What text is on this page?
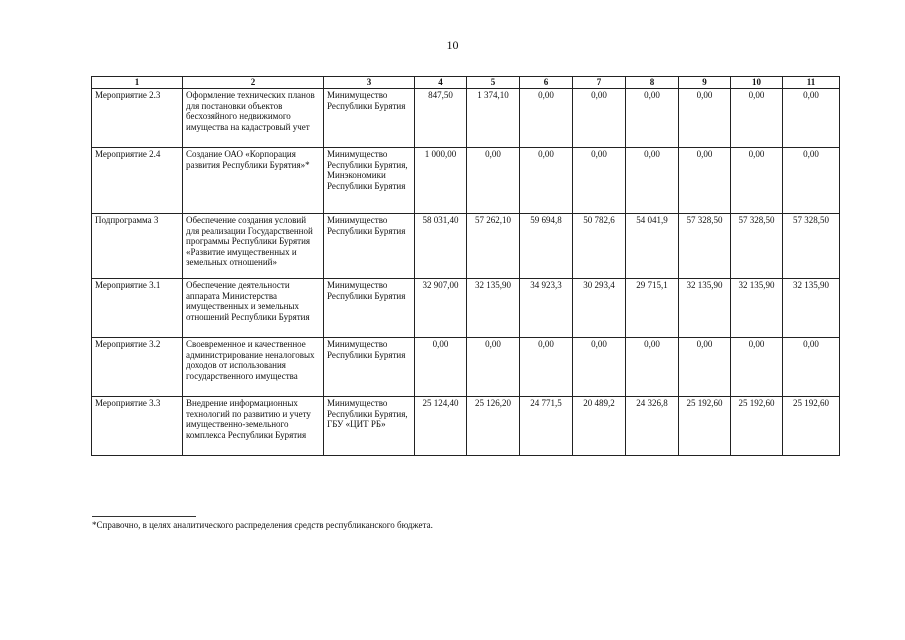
10
1	2	3	4	5	6	7	8	9	10	11
Мероприятие 2.3	Оформление технических планов для постановки объектов бесхозяйного недвижимого имущества на кадастровый учет	Минимущество Республики Бурятия	847,50	1 374,10	0,00	0,00	0,00	0,00	0,00	0,00
Мероприятие 2.4	Создание ОАО «Корпорация развития Республики Бурятия»*	Минимущество Республики Бурятия, Минэкономики Республики Бурятия	1 000,00	0,00	0,00	0,00	0,00	0,00	0,00	0,00
Подпрограмма 3	Обеспечение создания условий для реализации Государственной программы Республики Бурятия «Развитие имущественных и земельных отношений»	Минимущество Республики Бурятия	58 031,40	57 262,10	59 694,8	50 782,6	54 041,9	57 328,50	57 328,50	57 328,50
Мероприятие 3.1	Обеспечение деятельности аппарата Министерства имущественных и земельных отношений Республики Бурятия	Минимущество Республики Бурятия	32 907,00	32 135,90	34 923,3	30 293,4	29 715,1	32 135,90	32 135,90	32 135,90
Мероприятие 3.2	Своевременное и качественное администрирование неналоговых доходов от использования государственного имущества	Минимущество Республики Бурятия	0,00	0,00	0,00	0,00	0,00	0,00	0,00	0,00
Мероприятие 3.3	Внедрение информационных технологий по развитию и учету имущественно-земельного комплекса Республики Бурятия	Минимущество Республики Бурятия, ГБУ «ЦИТ РБ»	25 124,40	25 126,20	24 771,5	20 489,2	24 326,8	25 192,60	25 192,60	25 192,60
*Справочно, в целях аналитического распределения средств республиканского бюджета.
